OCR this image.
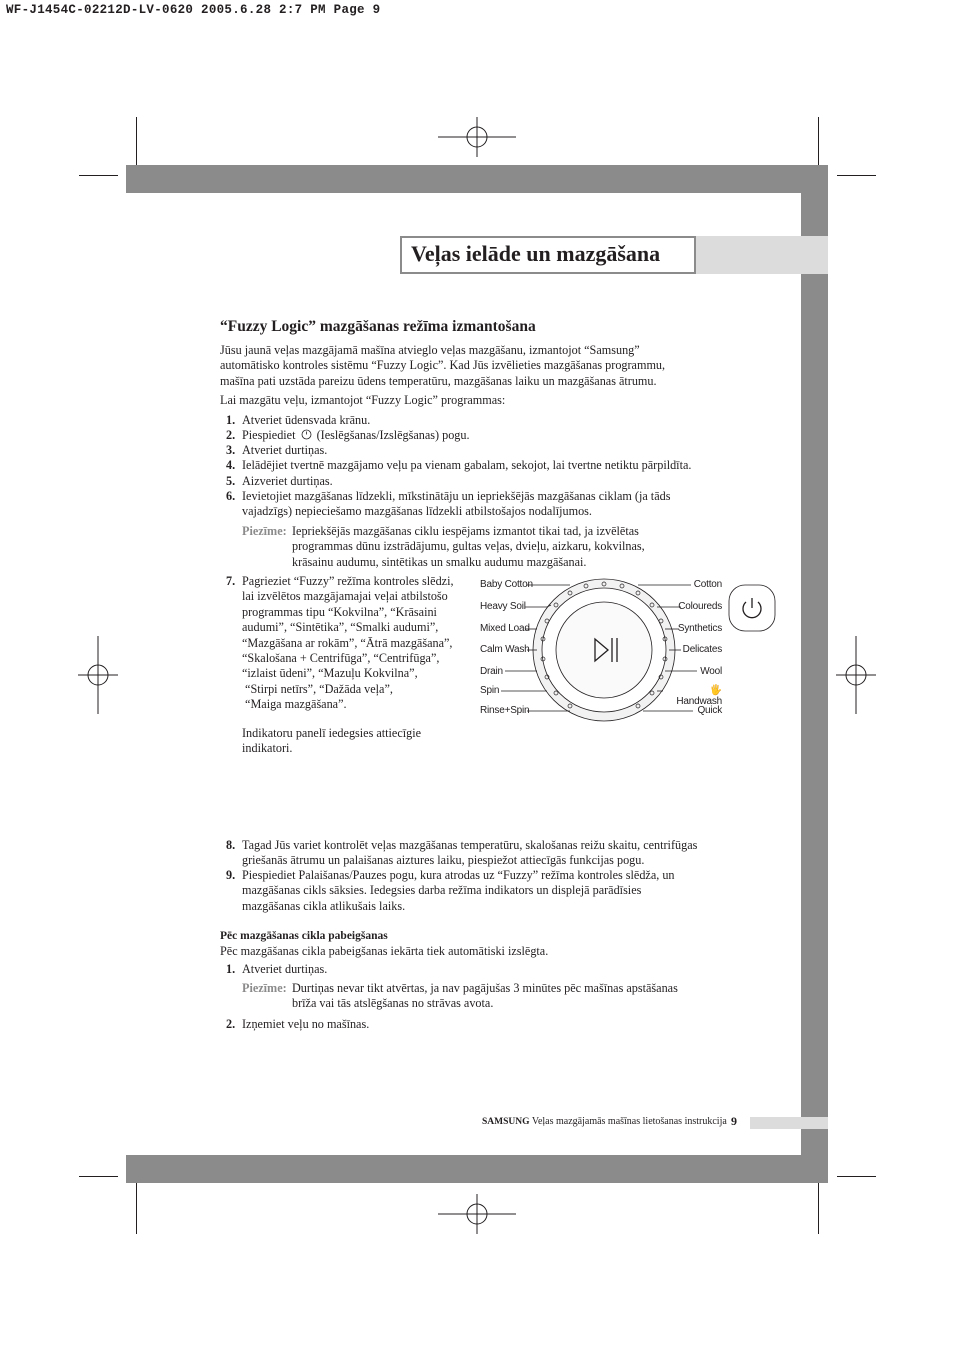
WF-J1454C-02212D-LV-0620 2005.6.28 2:7 PM Page 9
Veļas ielāde un mazgāšana
“Fuzzy Logic” mazgāšanas režīma izmantošana
Jūsu jaunā veļas mazgājamā mašīna atvieglo veļas mazgāšanu, izmantojot “Samsung”
automātisko kontroles sistēmu “Fuzzy Logic”. Kad Jūs izvēlieties mazgāšanas programmu,
mašīna pati uzstāda pareizu ūdens temperatūru, mazgāšanas laiku un mazgāšanas ātrumu.
Lai mazgātu veļu, izmantojot “Fuzzy Logic” programmas:
1. Atveriet ūdensvada krānu.
2. Piespiediet (Ieslēgšanas/Izslēgšanas) pogu.
3. Atveriet durtiņas.
4. Ielādējiet tvertnē mazgājamo veļu pa vienam gabalam, sekojot, lai tvertne netiktu pārpildīta.
5. Aizveriet durtiņas.
6. Ievietojiet mazgāšanas līdzekli, mīkstinātāju un iepriekšējās mazgāšanas ciklam (ja tāds
vajadzīgs) nepieciešamo mazgāšanas līdzekli atbilstošajos nodalījumos.
Piezīme: Iepriekšējās mazgāšanas ciklu iespējams izmantot tikai tad, ja izvēlētas
programmas dūnu izstrādājumu, gultas veļas, dvieļu, aizkaru, kokvilnas,
krāsainu audumu, sintētikas un smalku audumu mazgāšanai.
7. Pagrieziet “Fuzzy” režīma kontroles slēdzi,
lai izvēlētos mazgājamajai veļai atbilstošo
programmas tipu “Kokvilna”, “Krāsaini
audumi”, “Sintētika”, “Smalki audumi”,
“Mazgāšana ar rokām”, “Ātrā mazgāšana”,
“Skalošana + Centrifūga”, “Centrifūga”,
“izlaist ūdeni”, “Mazuļu Kokvilna”,
“Stirpi netīrs”, “Dažāda veļa”,
“Maiga mazgāšana”.
Indikatoru panelī iedegsies attiecīgie
indikatori.
Baby Cotton
Heavy Soil
Mixed Load
Calm Wash
Drain
Spin
Rinse+Spin
Cotton
Coloureds
Synthetics
Delicates
Wool
🖐Handwash
Quick
8. Tagad Jūs variet kontrolēt veļas mazgāšanas temperatūru, skalošanas reižu skaitu, centrifūgas
griešanās ātrumu un palaišanas aiztures laiku, piespiežot attiecīgās funkcijas pogu.
9. Piespiediet Palaišanas/Pauzes pogu, kura atrodas uz “Fuzzy” režīma kontroles slēdža, un
mazgāšanas cikls sāksies. Iedegsies darba režīma indikators un displejā parādīsies
mazgāšanas cikla atlikušais laiks.
Pēc mazgāšanas cikla pabeigšanas
Pēc mazgāšanas cikla pabeigšanas iekārta tiek automātiski izslēgta.
1. Atveriet durtiņas.
Piezīme: Durtiņas nevar tikt atvērtas, ja nav pagājušas 3 minūtes pēc mašīnas apstāšanas
brīža vai tās atslēgšanas no strāvas avota.
2. Izņemiet veļu no mašīnas.
SAMSUNG Veļas mazgājamās mašīnas lietošanas instrukcija 9
